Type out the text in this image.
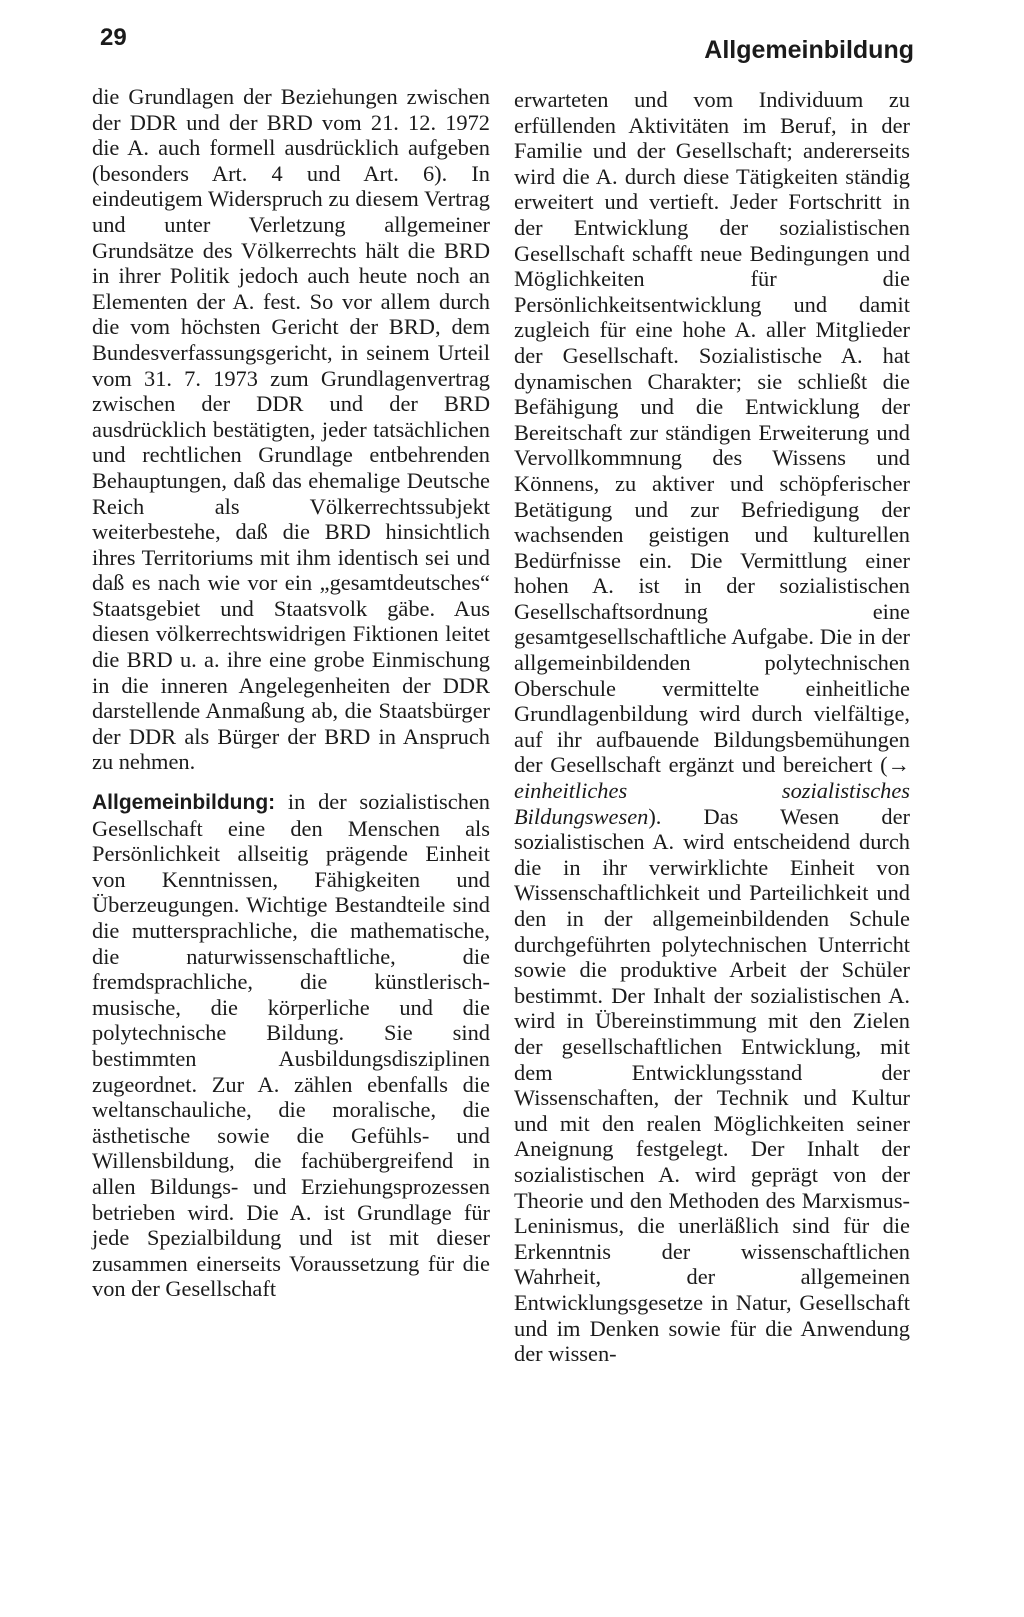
29	Allgemeinbildung

die Grundlagen der Beziehungen zwischen der DDR und der BRD vom 21. 12. 1972 die A. auch formell ausdrücklich aufgeben (besonders Art. 4 und Art. 6). In eindeutigem Widerspruch zu diesem Vertrag und unter Verletzung allgemeiner Grundsätze des Völkerrechts hält die BRD in ihrer Politik jedoch auch heute noch an Elementen der A. fest. So vor allem durch die vom höchsten Gericht der BRD, dem Bundesverfassungsgericht, in seinem Urteil vom 31. 7. 1973 zum Grundlagenvertrag zwischen der DDR und der BRD ausdrücklich bestätigten, jeder tatsächlichen und rechtlichen Grundlage entbehrenden Behauptungen, daß das ehemalige Deutsche Reich als Völkerrechtssubjekt weiterbestehe, daß die BRD hinsichtlich ihres Territoriums mit ihm identisch sei und daß es nach wie vor ein „gesamtdeutsches“ Staatsgebiet und Staatsvolk gäbe. Aus diesen völkerrechtswidrigen Fiktionen leitet die BRD u. a. ihre eine grobe Einmischung in die inneren Angelegenheiten der DDR darstellende Anmaßung ab, die Staatsbürger der DDR als Bürger der BRD in Anspruch zu nehmen.

Allgemeinbildung: in der sozialistischen Gesellschaft eine den Menschen als Persönlichkeit allseitig prägende Einheit von Kenntnissen, Fähigkeiten und Überzeugungen. Wichtige Bestandteile sind die muttersprachliche, die mathematische, die naturwissenschaftliche, die fremdsprachliche, die künstlerisch-musische, die körperliche und die polytechnische Bildung. Sie sind bestimmten Ausbildungsdisziplinen zugeordnet. Zur A. zählen ebenfalls die weltanschauliche, die moralische, die ästhetische sowie die Gefühls- und Willensbildung, die fachübergreifend in allen Bildungs- und Erziehungsprozessen betrieben wird. Die A. ist Grundlage für jede Spezialbildung und ist mit dieser zusammen einerseits Voraussetzung für die von der Gesellschaft

erwarteten und vom Individuum zu erfüllenden Aktivitäten im Beruf, in der Familie und der Gesellschaft; andererseits wird die A. durch diese Tätigkeiten ständig erweitert und vertieft. Jeder Fortschritt in der Entwicklung der sozialistischen Gesellschaft schafft neue Bedingungen und Möglichkeiten für die Persönlichkeitsentwicklung und damit zugleich für eine hohe A. aller Mitglieder der Gesellschaft. Sozialistische A. hat dynamischen Charakter; sie schließt die Befähigung und die Entwicklung der Bereitschaft zur ständigen Erweiterung und Vervollkommnung des Wissens und Könnens, zu aktiver und schöpferischer Betätigung und zur Befriedigung der wachsenden geistigen und kulturellen Bedürfnisse ein. Die Vermittlung einer hohen A. ist in der sozialistischen Gesellschaftsordnung eine gesamtgesellschaftliche Aufgabe. Die in der allgemeinbildenden polytechnischen Oberschule vermittelte einheitliche Grundlagenbildung wird durch vielfältige, auf ihr aufbauende Bildungsbemühungen der Gesellschaft ergänzt und bereichert (→ einheitliches sozialistisches Bildungswesen). Das Wesen der sozialistischen A. wird entscheidend durch die in ihr verwirklichte Einheit von Wissenschaftlichkeit und Parteilichkeit und den in der allgemeinbildenden Schule durchgeführten polytechnischen Unterricht sowie die produktive Arbeit der Schüler bestimmt. Der Inhalt der sozialistischen A. wird in Übereinstimmung mit den Zielen der gesellschaftlichen Entwicklung, mit dem Entwicklungsstand der Wissenschaften, der Technik und Kultur und mit den realen Möglichkeiten seiner Aneignung festgelegt. Der Inhalt der sozialistischen A. wird geprägt von der Theorie und den Methoden des Marxismus-Leninismus, die unerläßlich sind für die Erkenntnis der wissenschaftlichen Wahrheit, der allgemeinen Entwicklungsgesetze in Natur, Gesellschaft und im Denken sowie für die Anwendung der wissen-
